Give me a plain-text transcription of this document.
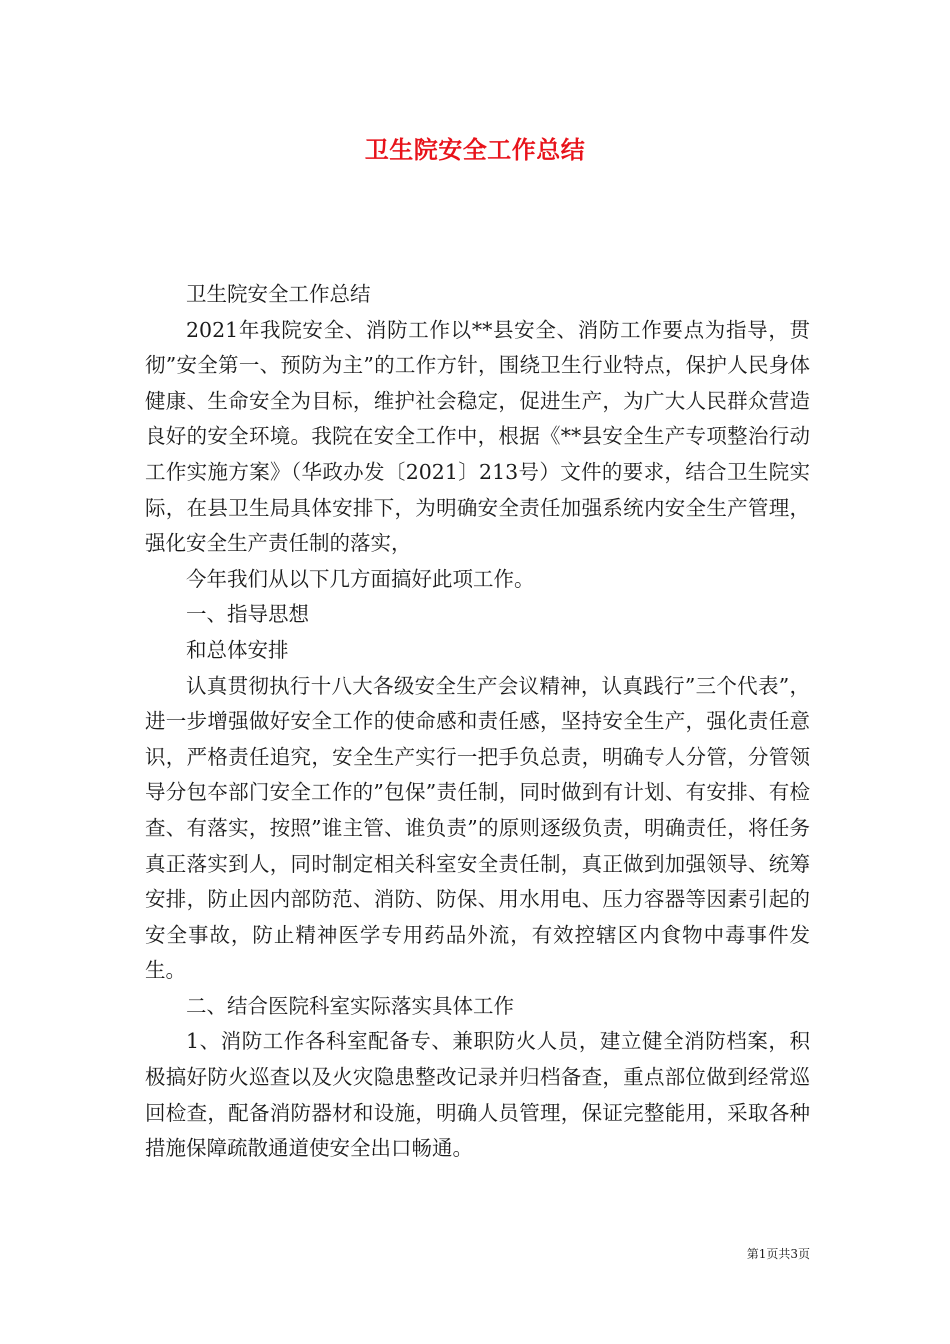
卫生院安全工作总结

卫生院安全工作总结

2021年我院安全、消防工作以**县安全、消防工作要点为指导，贯彻”安全第一、预防为主”的工作方针，围绕卫生行业特点，保护人民身体健康、生命安全为目标，维护社会稳定，促进生产，为广大人民群众营造良好的安全环境。我院在安全工作中，根据《**县安全生产专项整治行动工作实施方案》（华政办发〔2021〕213号）文件的要求，结合卫生院实际，在县卫生局具体安排下，为明确安全责任加强系统内安全生产管理，强化安全生产责任制的落实，

今年我们从以下几方面搞好此项工作。

一、指导思想

和总体安排

认真贯彻执行十八大各级安全生产会议精神，认真践行”三个代表”，进一步增强做好安全工作的使命感和责任感，坚持安全生产，强化责任意识，严格责任追究，安全生产实行一把手负总责，明确专人分管，分管领导分包夲部门安全工作的”包保”责任制，同时做到有计划、有安排、有检查、有落实，按照”谁主管、谁负责”的原则逐级负责，明确责任，将任务真正落实到人，同时制定相关科室安全责任制，真正做到加强领导、统筹安排，防止因内部防范、消防、防保、用水用电、压力容器等因素引起的安全事故，防止精神医学专用药品外流，有效控辖区内食物中毒事件发生。

二、结合医院科室实际落实具体工作

1、消防工作各科室配备专、兼职防火人员，建立健全消防档案，积极搞好防火巡查以及火灾隐患整改记录并归档备查，重点部位做到经常巡回检查，配备消防器材和设施，明确人员管理，保证完整能用，采取各种措施保障疏散通道使安全出口畅通。

第1页共3页
